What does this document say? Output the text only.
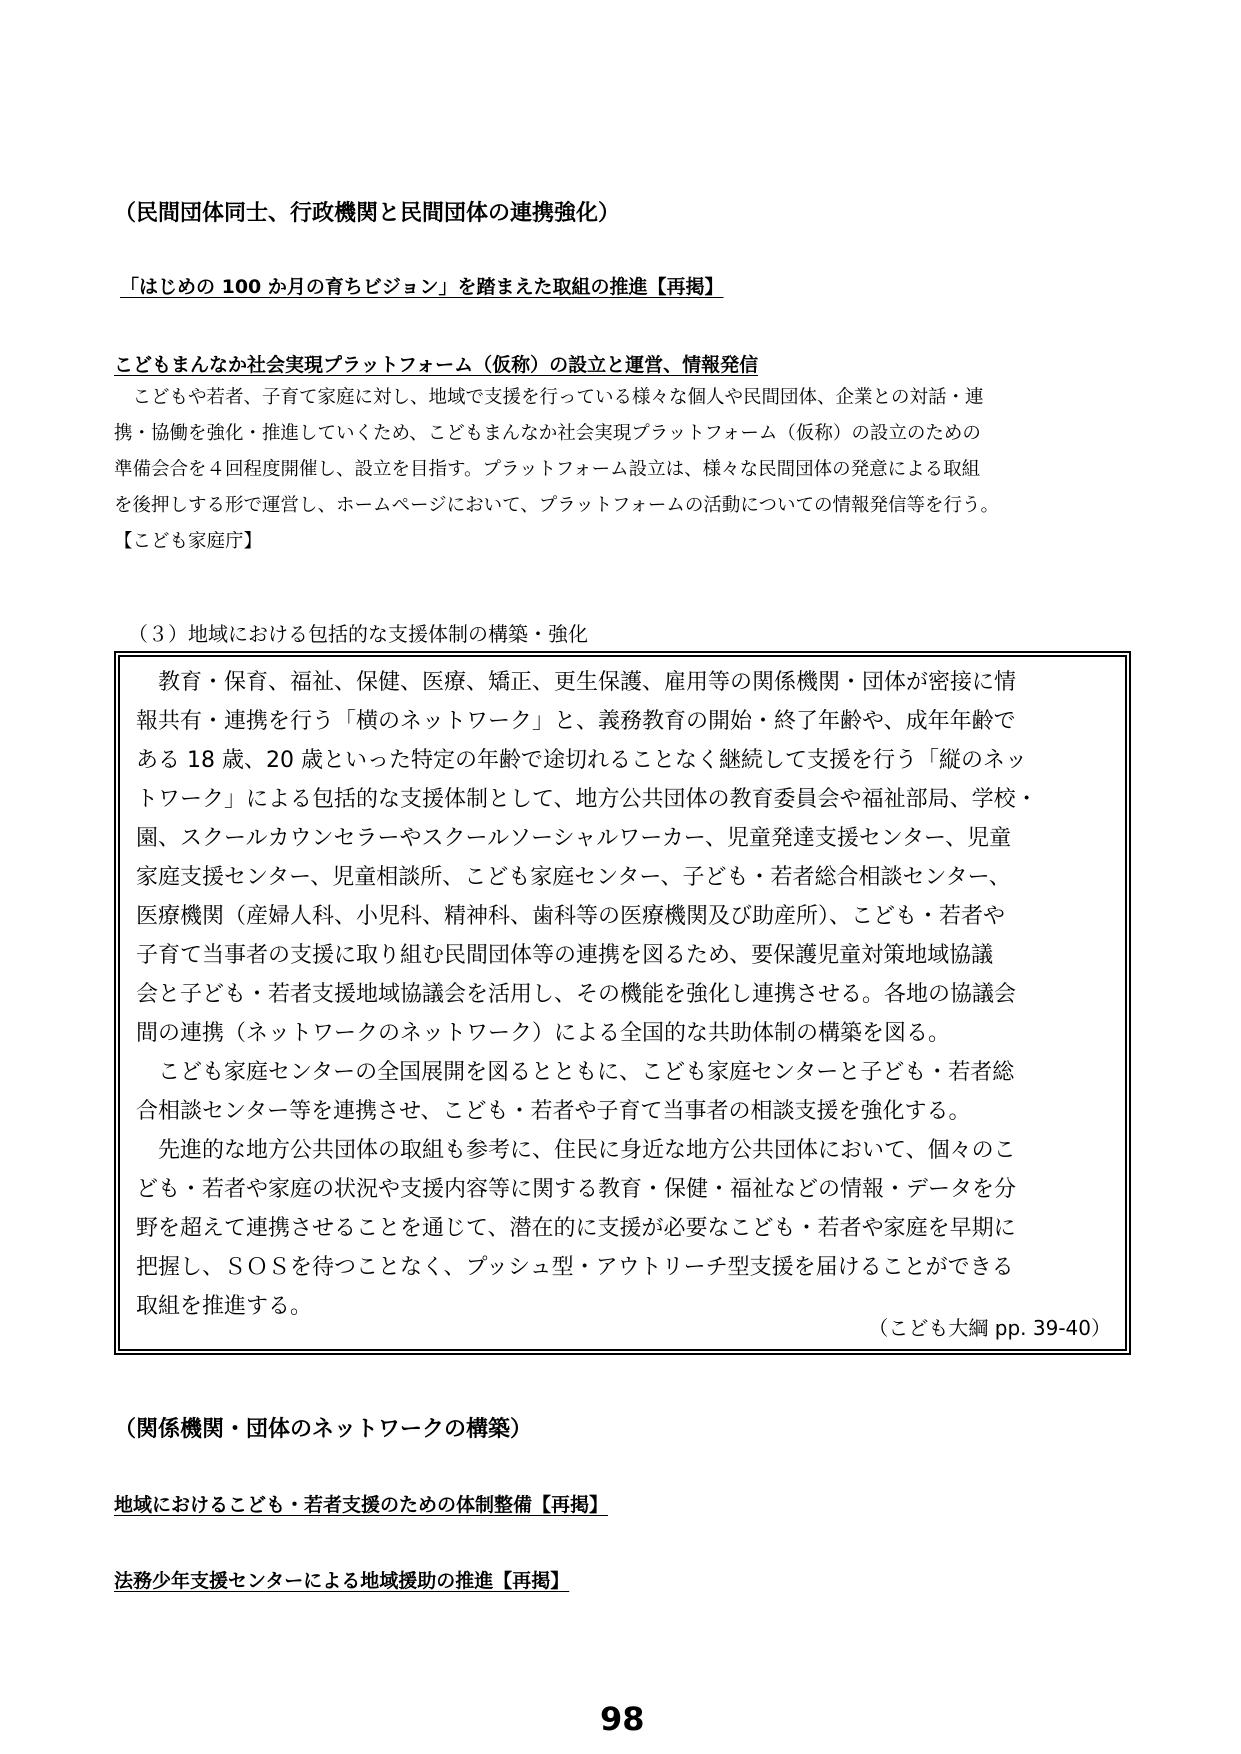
（民間団体同士、行政機関と民間団体の連携強化）
「はじめの 100 か月の育ちビジョン」を踏まえた取組の推進【再掲】
こどもまんなか社会実現プラットフォーム（仮称）の設立と運営、情報発信
　こどもや若者、子育て家庭に対し、地域で支援を行っている様々な個人や民間団体、企業との対話・連
携・協働を強化・推進していくため、こどもまんなか社会実現プラットフォーム（仮称）の設立のための
準備会合を４回程度開催し、設立を目指す。プラットフォーム設立は、様々な民間団体の発意による取組
を後押しする形で運営し、ホームページにおいて、プラットフォームの活動についての情報発信等を行う。
【こども家庭庁】
（３）地域における包括的な支援体制の構築・強化
　教育・保育、福祉、保健、医療、矯正、更生保護、雇用等の関係機関・団体が密接に情
報共有・連携を行う「横のネットワーク」と、義務教育の開始・終了年齢や、成年年齢で
ある 18 歳、20 歳といった特定の年齢で途切れることなく継続して支援を行う「縦のネッ
トワーク」による包括的な支援体制として、地方公共団体の教育委員会や福祉部局、学校・
園、スクールカウンセラーやスクールソーシャルワーカー、児童発達支援センター、児童
家庭支援センター、児童相談所、こども家庭センター、子ども・若者総合相談センター、
医療機関（産婦人科、小児科、精神科、歯科等の医療機関及び助産所）、こども・若者や
子育て当事者の支援に取り組む民間団体等の連携を図るため、要保護児童対策地域協議
会と子ども・若者支援地域協議会を活用し、その機能を強化し連携させる。各地の協議会
間の連携（ネットワークのネットワーク）による全国的な共助体制の構築を図る。
　こども家庭センターの全国展開を図るとともに、こども家庭センターと子ども・若者総
合相談センター等を連携させ、こども・若者や子育て当事者の相談支援を強化する。
　先進的な地方公共団体の取組も参考に、住民に身近な地方公共団体において、個々のこ
ども・若者や家庭の状況や支援内容等に関する教育・保健・福祉などの情報・データを分
野を超えて連携させることを通じて、潜在的に支援が必要なこども・若者や家庭を早期に
把握し、ＳＯＳを待つことなく、プッシュ型・アウトリーチ型支援を届けることができる
取組を推進する。
（こども大綱 pp. 39-40）
（関係機関・団体のネットワークの構築）
地域におけるこども・若者支援のための体制整備【再掲】
法務少年支援センターによる地域援助の推進【再掲】
98
